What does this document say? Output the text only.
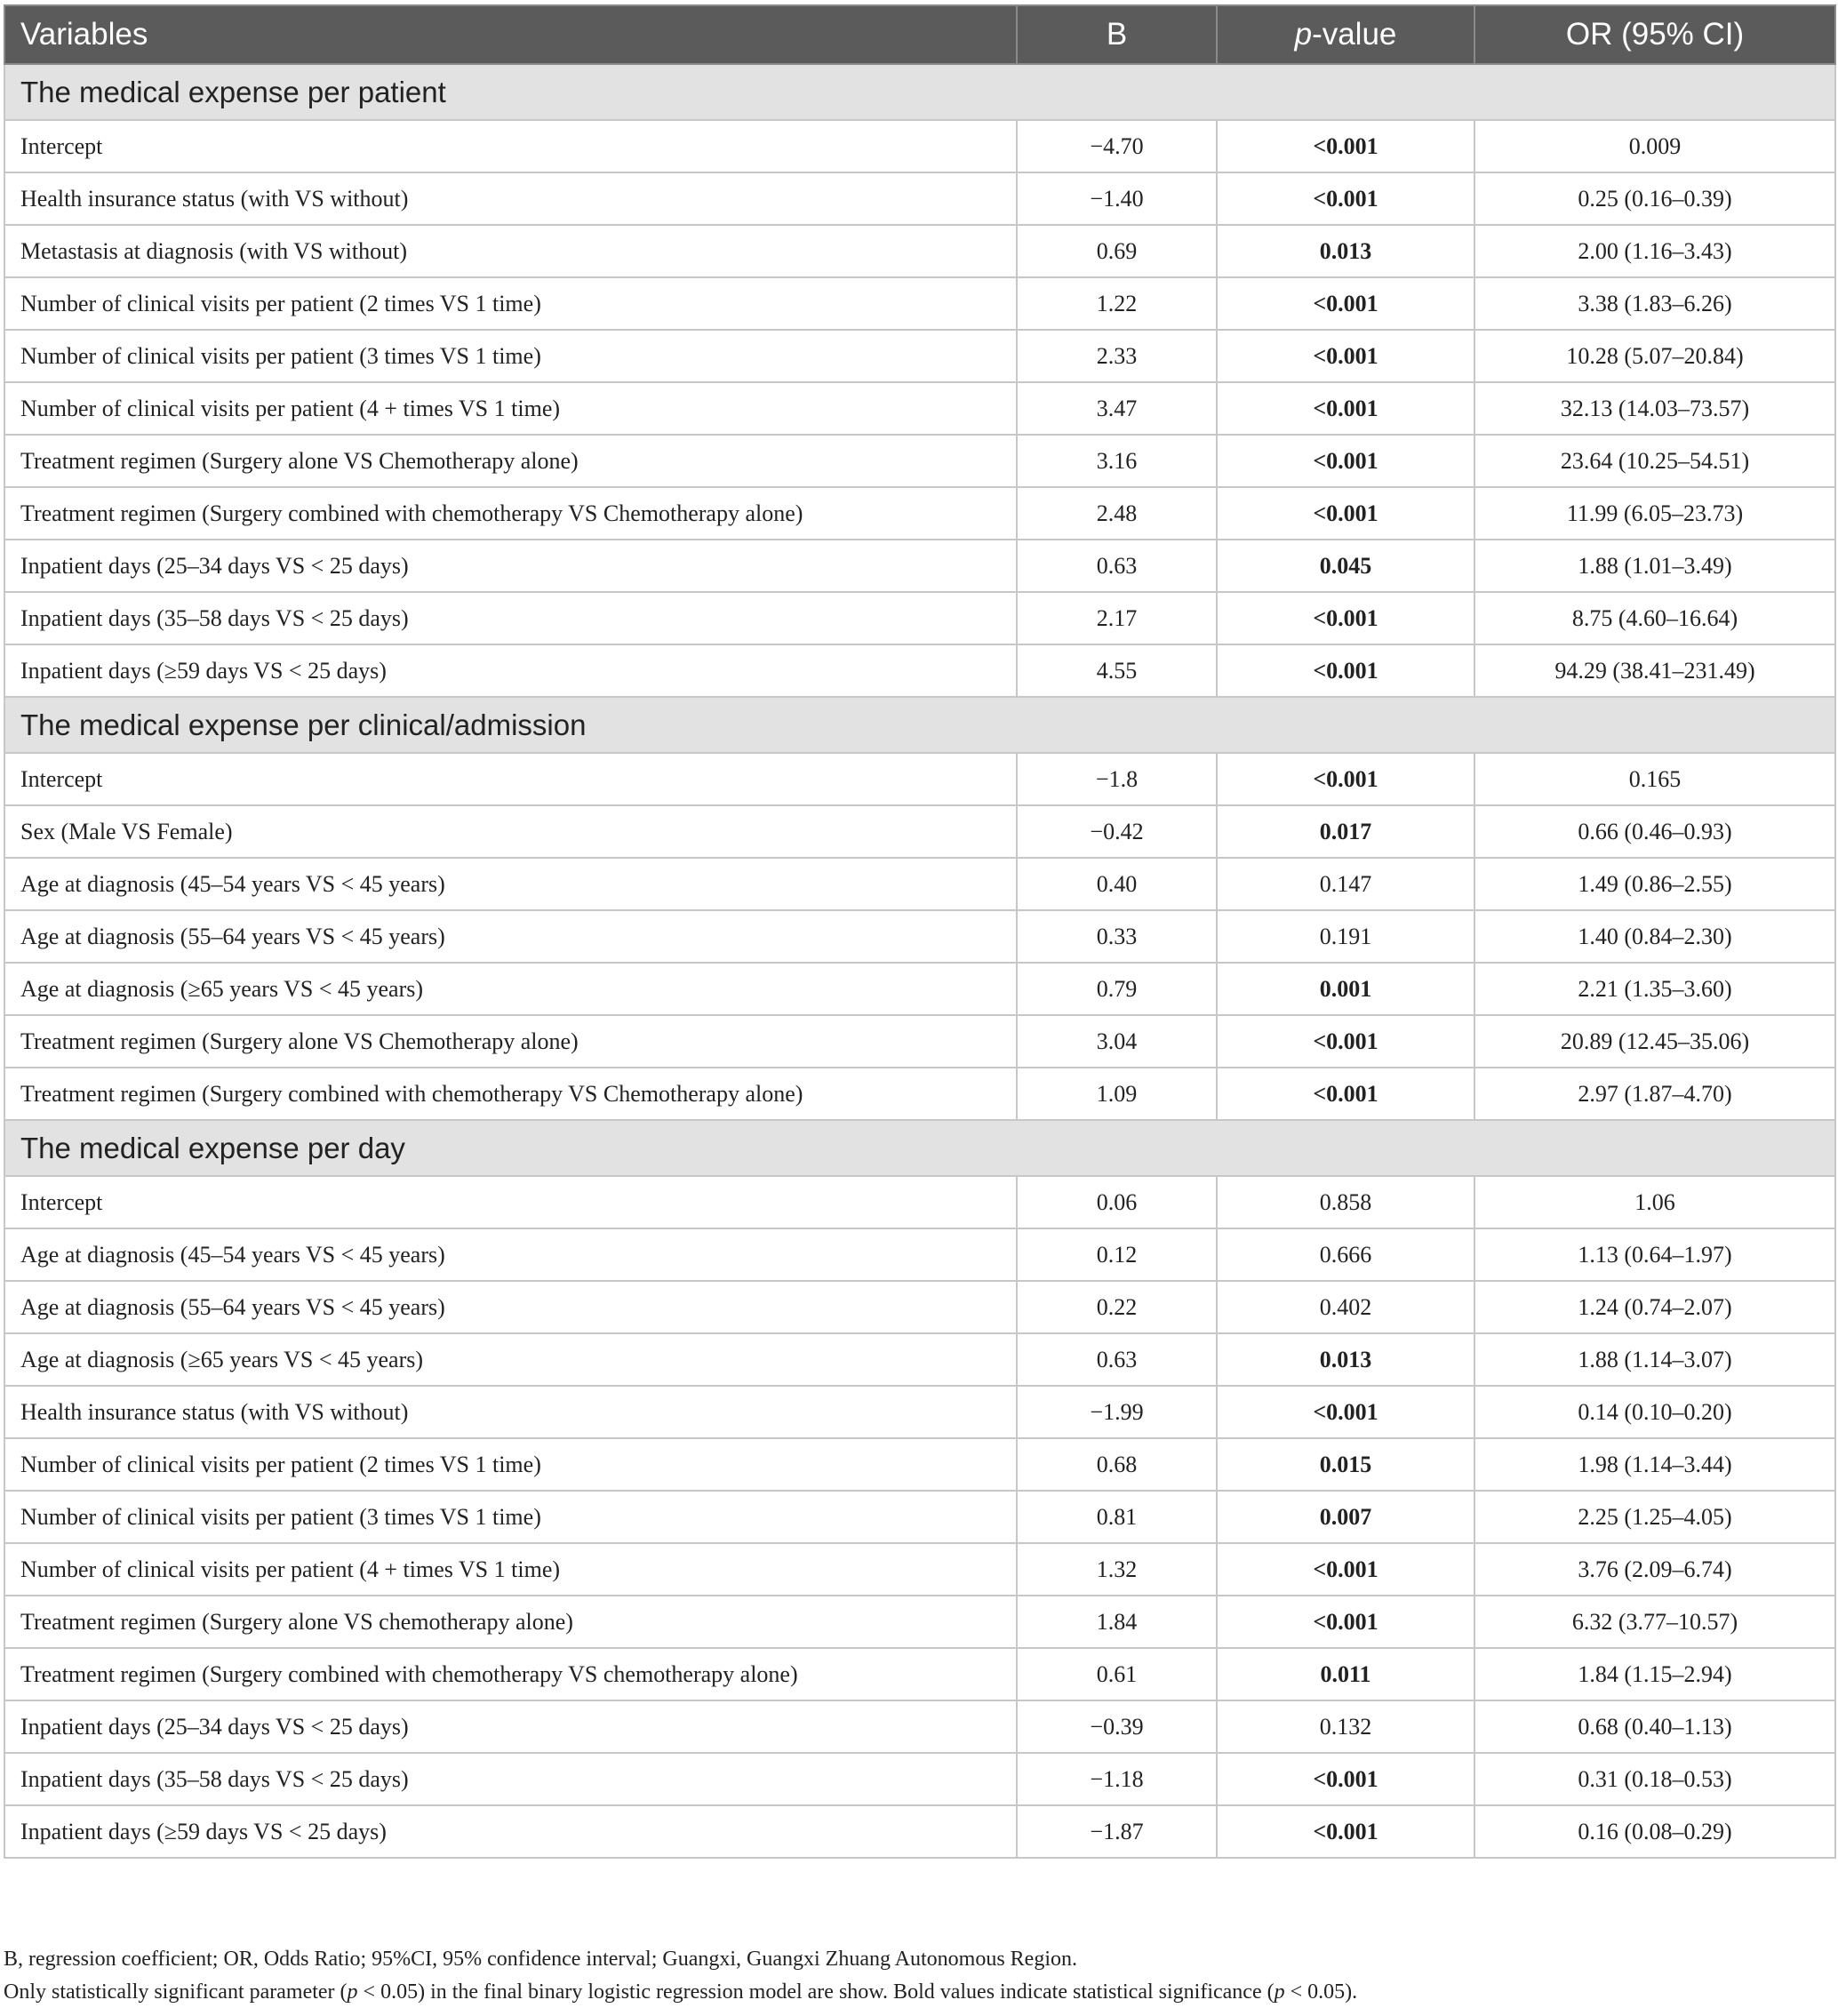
Variables	B	p-value	OR (95% CI)
The medical expense per patient			
Intercept	−4.70	<0.001	0.009
Health insurance status (with VS without)	−1.40	<0.001	0.25 (0.16–0.39)
Metastasis at diagnosis (with VS without)	0.69	0.013	2.00 (1.16–3.43)
Number of clinical visits per patient (2 times VS 1 time)	1.22	<0.001	3.38 (1.83–6.26)
Number of clinical visits per patient (3 times VS 1 time)	2.33	<0.001	10.28 (5.07–20.84)
Number of clinical visits per patient (4 + times VS 1 time)	3.47	<0.001	32.13 (14.03–73.57)
Treatment regimen (Surgery alone VS Chemotherapy alone)	3.16	<0.001	23.64 (10.25–54.51)
Treatment regimen (Surgery combined with chemotherapy VS Chemotherapy alone)	2.48	<0.001	11.99 (6.05–23.73)
Inpatient days (25–34 days VS < 25 days)	0.63	0.045	1.88 (1.01–3.49)
Inpatient days (35–58 days VS < 25 days)	2.17	<0.001	8.75 (4.60–16.64)
Inpatient days (≥59 days VS < 25 days)	4.55	<0.001	94.29 (38.41–231.49)
The medical expense per clinical/admission			
Intercept	−1.8	<0.001	0.165
Sex (Male VS Female)	−0.42	0.017	0.66 (0.46–0.93)
Age at diagnosis (45–54 years VS < 45 years)	0.40	0.147	1.49 (0.86–2.55)
Age at diagnosis (55–64 years VS < 45 years)	0.33	0.191	1.40 (0.84–2.30)
Age at diagnosis (≥65 years VS < 45 years)	0.79	0.001	2.21 (1.35–3.60)
Treatment regimen (Surgery alone VS Chemotherapy alone)	3.04	<0.001	20.89 (12.45–35.06)
Treatment regimen (Surgery combined with chemotherapy VS Chemotherapy alone)	1.09	<0.001	2.97 (1.87–4.70)
The medical expense per day			
Intercept	0.06	0.858	1.06
Age at diagnosis (45–54 years VS < 45 years)	0.12	0.666	1.13 (0.64–1.97)
Age at diagnosis (55–64 years VS < 45 years)	0.22	0.402	1.24 (0.74–2.07)
Age at diagnosis (≥65 years VS < 45 years)	0.63	0.013	1.88 (1.14–3.07)
Health insurance status (with VS without)	−1.99	<0.001	0.14 (0.10–0.20)
Number of clinical visits per patient (2 times VS 1 time)	0.68	0.015	1.98 (1.14–3.44)
Number of clinical visits per patient (3 times VS 1 time)	0.81	0.007	2.25 (1.25–4.05)
Number of clinical visits per patient (4 + times VS 1 time)	1.32	<0.001	3.76 (2.09–6.74)
Treatment regimen (Surgery alone VS chemotherapy alone)	1.84	<0.001	6.32 (3.77–10.57)
Treatment regimen (Surgery combined with chemotherapy VS chemotherapy alone)	0.61	0.011	1.84 (1.15–2.94)
Inpatient days (25–34 days VS < 25 days)	−0.39	0.132	0.68 (0.40–1.13)
Inpatient days (35–58 days VS < 25 days)	−1.18	<0.001	0.31 (0.18–0.53)
Inpatient days (≥59 days VS < 25 days)	−1.87	<0.001	0.16 (0.08–0.29)

B, regression coefficient; OR, Odds Ratio; 95%CI, 95% confidence interval; Guangxi, Guangxi Zhuang Autonomous Region.

Only statistically significant parameter (p < 0.05) in the final binary logistic regression model are show. Bold values indicate statistical significance (p < 0.05).
